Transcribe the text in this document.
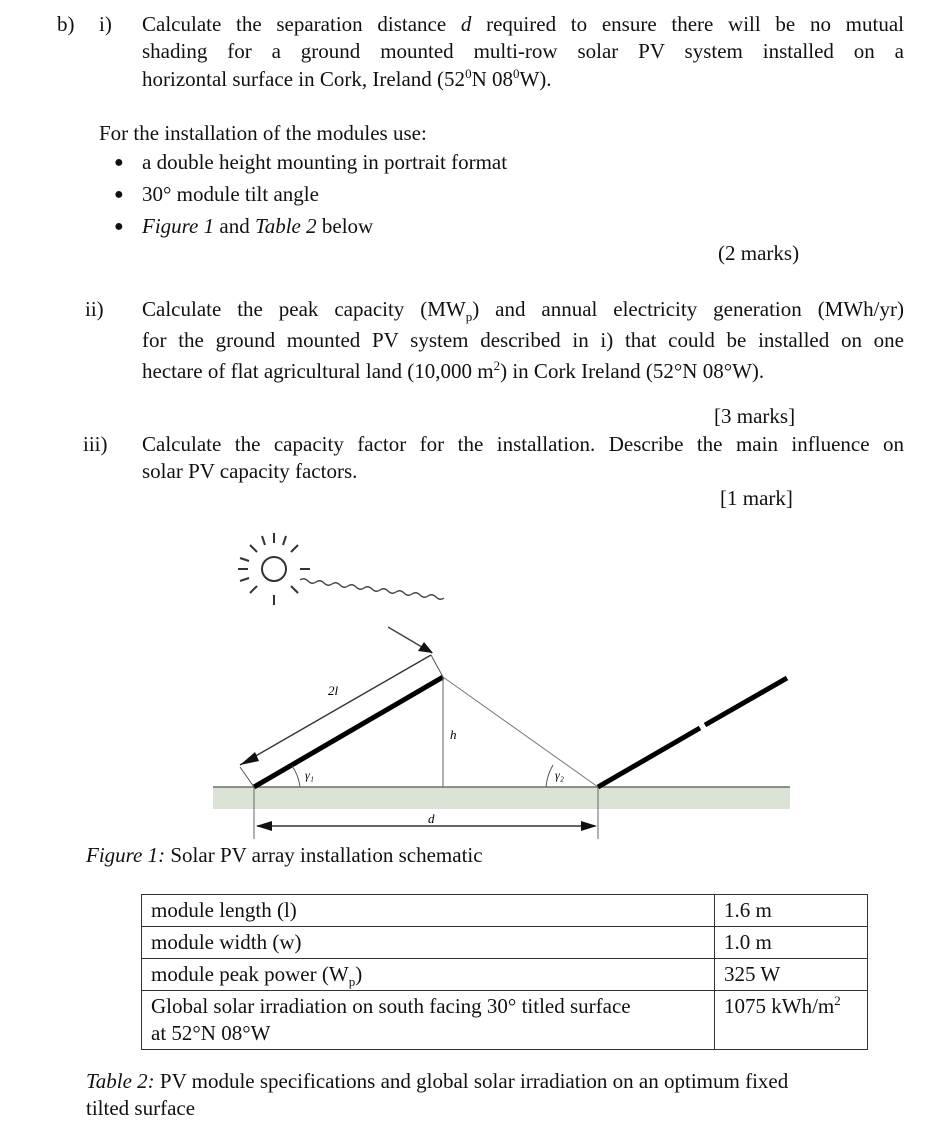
b) i) Calculate the separation distance d required to ensure there will be no mutual
shading for a ground mounted multi-row solar PV system installed on a
horizontal surface in Cork, Ireland ($52^0N$ $08^0W$).
For the installation of the modules use:
● a double height mounting in portrait format
● 30° module tilt angle
● Figure 1 and Table 2 below
(2 marks)
ii) Calculate the peak capacity $(MW_p)$ and annual electricity generation (MWh/yr)
for the ground mounted PV system described in i) that could be installed on one
hectare of flat agricultural land (10,000 $m^2$) in Cork Ireland (52°N 08°W).
[3 marks]
iii) Calculate the capacity factor for the installation. Describe the main influence on
solar PV capacity factors.
[1 mark]
2l
h
d
γ₁	γ₂
Figure 1: Solar PV array installation schematic
module length (l)	1.6 m
module width (w)	1.0 m
module peak power $(W_p)$	325 W
Global solar irradiation on south facing 30° titled surface
at 52°N 08°W	1075 kWh/$m^2$
Table 2: PV module specifications and global solar irradiation on an optimum fixed
tilted surface
